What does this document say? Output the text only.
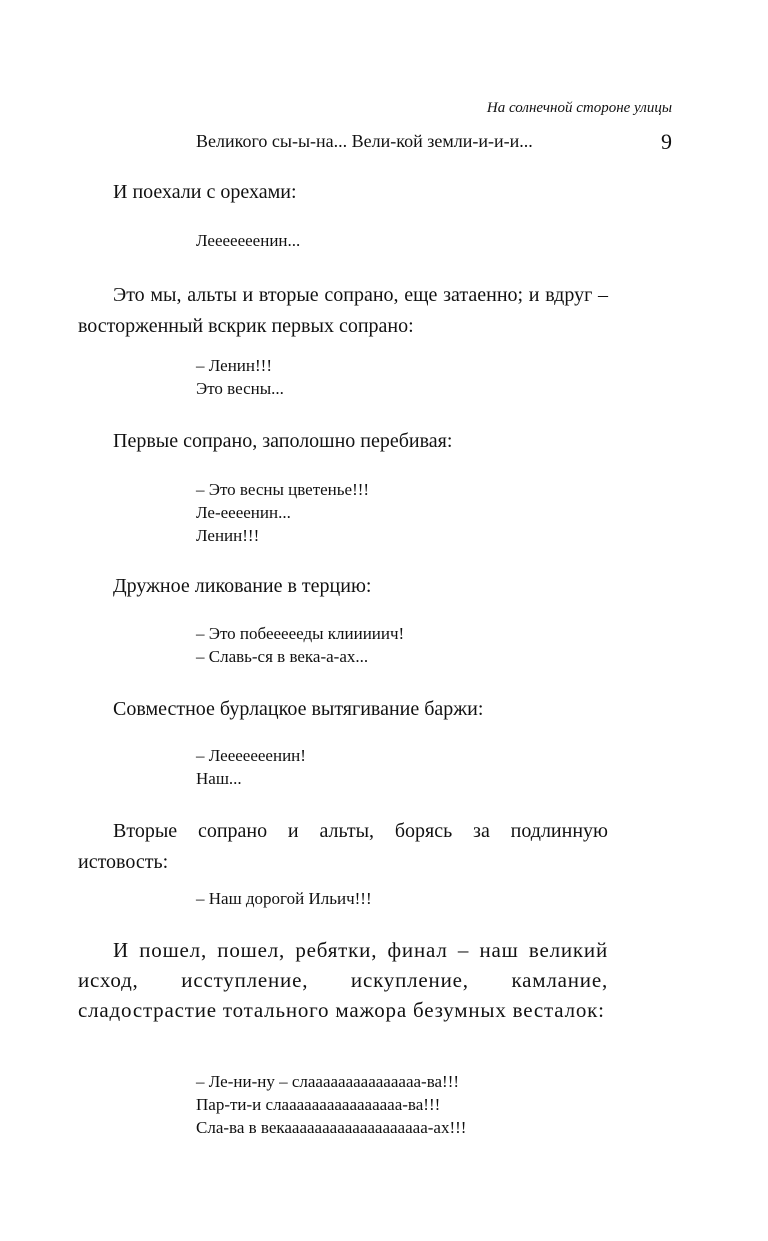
На солнечной стороне улицы
Великого сы-ы-на... Вели-кой земли-и-и-и...	9

И поехали с орехами:

Лееееееенин...

Это мы, альты и вторые сопрано, еще затаенно; и вдруг – восторженный вскрик первых сопрано:

– Ленин!!!
Это весны...

Первые сопрано, заполошно перебивая:

– Это весны цветенье!!!
Ле-еееенин...
Ленин!!!

Дружное ликование в терцию:

– Это побеееееды клииииич!
– Славь-ся в века-а-ах...

Совместное бурлацкое вытягивание баржи:

– Лееееееенин!
Наш...

Вторые сопрано и альты, борясь за подлинную истовость:

– Наш дорогой Ильич!!!

И пошел, пошел, ребятки, финал – наш великий исход, исступление, искупление, камлание, сладострастие тотального мажора безумных весталок:

– Ле-ни-ну – слааааааааааааааа-ва!!!
Пар-ти-и слаааааааааааааааа-ва!!!
Сла-ва в векааааааааааааааааааа-ах!!!
